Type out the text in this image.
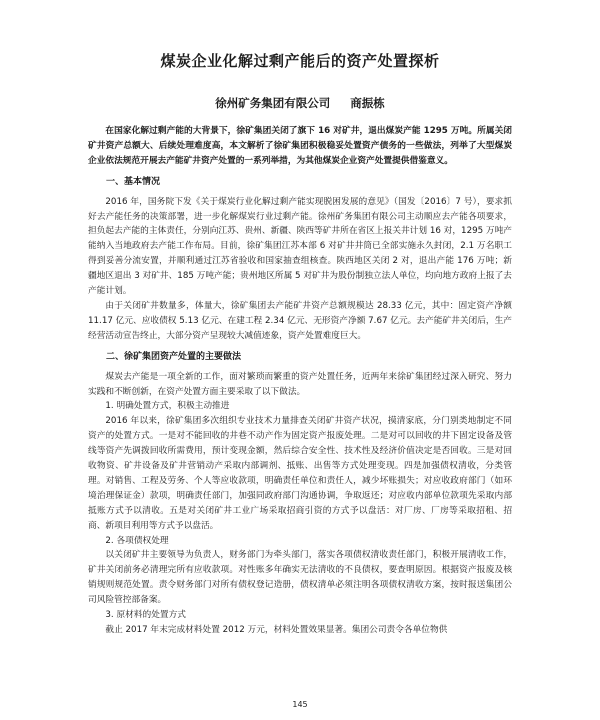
煤炭企业化解过剩产能后的资产处置探析
徐州矿务集团有限公司 商振栋

在国家化解过剩产能的大背景下，徐矿集团关闭了旗下 16 对矿井，退出煤炭产能 1295 万吨。所属关闭矿井资产总额大、后续处理难度高，本文解析了徐矿集团积极稳妥处置资产债务的一些做法，列举了大型煤炭企业依法规范开展去产能矿井资产处置的一系列举措，为其他煤炭企业资产处置提供借鉴意义。

一、基本情况

2016 年，国务院下发《关于煤炭行业化解过剩产能实现脱困发展的意见》（国发〔2016〕7 号），要求抓好去产能任务的决策部署，进一步化解煤炭行业过剩产能。徐州矿务集团有限公司主动顺应去产能各项要求，担负起去产能的主体责任，分别向江苏、贵州、新疆、陕西等矿井所在省区上报关井计划 16 对，1295 万吨产能纳入当地政府去产能工作布局。目前，徐矿集团江苏本部 6 对矿井井筒已全部实施永久封闭，2.1 万名职工得到妥善分流安置，并顺利通过江苏省验收和国家抽查组核查。陕西地区关闭 2 对，退出产能 176 万吨；新疆地区退出 3 对矿井、185 万吨产能；贵州地区所属 5 对矿井为股份制独立法人单位，均向地方政府上报了去产能计划。

由于关闭矿井数量多，体量大，徐矿集团去产能矿井资产总额规模达 28.33 亿元，其中：固定资产净额 11.17 亿元、应收债权 5.13 亿元、在建工程 2.34 亿元、无形资产净额 7.67 亿元。去产能矿井关闭后，生产经营活动宣告终止，大部分资产呈现较大减值迹象，资产处置难度巨大。

二、徐矿集团资产处置的主要做法

煤炭去产能是一项全新的工作，面对繁琐而繁重的资产处置任务，近两年来徐矿集团经过深入研究、努力实践和不断创新，在资产处置方面主要采取了以下做法。

1. 明确处置方式，积极主动推进

2016 年以来，徐矿集团多次组织专业技术力量排查关闭矿井资产状况，摸清家底，分门别类地制定不同资产的处置方式。一是对不能回收的井巷不动产作为固定资产报废处理。二是对可以回收的井下固定设备及管线等资产先调拨回收所需费用，预计变现金额，然后综合安全性、技术性及经济价值决定是否回收。三是对回收物资、矿井设备及矿井营销动产采取内部调剂、抵账、出售等方式处理变现。四是加强债权清收，分类管理。对销售、工程及劳务、个人等应收款项，明确责任单位和责任人，减少坏账损失；对应收政府部门（如环境治理保证金）款项，明确责任部门，加强同政府部门沟通协调，争取返还；对应收内部单位款项先采取内部抵账方式予以清收。五是对关闭矿井工业广场采取招商引资的方式予以盘活：对厂房、厂房等采取招租、招商、新项目利用等方式予以盘活。

2. 各项债权处理

以关闭矿井主要领导为负责人，财务部门为牵头部门，落实各项债权清收责任部门，积极开展清收工作，矿井关闭前务必清理完所有应收款项。对性账多年确实无法清收的不良债权，要查明原因。根据资产报废及核销规则规范处置。责令财务部门对所有债权登记造册，债权清单必须注明各项债权清收方案，按时报送集团公司风险管控部备案。

3. 原材料的处置方式

截止 2017 年末完成材料处置 2012 万元，材料处置效果显著。集团公司责令各单位物供

145
